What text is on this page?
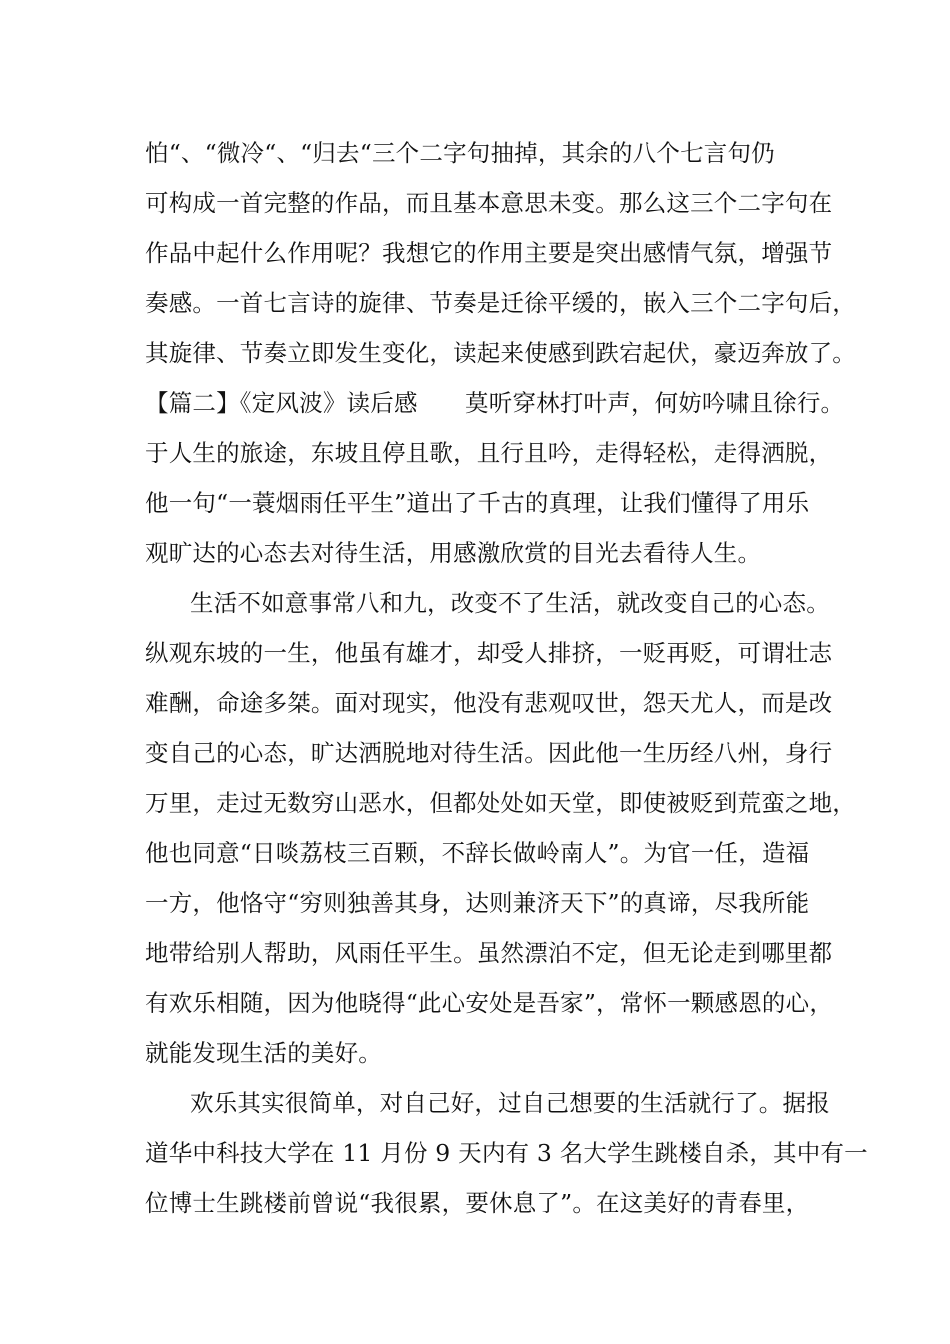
怕“、“微冷“、“归去“三个二字句抽掉，其余的八个七言句仍
可构成一首完整的作品，而且基本意思未变。那么这三个二字句在
作品中起什么作用呢？我想它的作用主要是突出感情气氛，增强节
奏感。一首七言诗的旋律、节奏是迁徐平缓的，嵌入三个二字句后，
其旋律、节奏立即发生变化，读起来使感到跌宕起伏，豪迈奔放了。
【篇二】《定风波》读后感　　莫听穿林打叶声，何妨吟啸且徐行。
于人生的旅途，东坡且停且歌，且行且吟，走得轻松，走得洒脱，
他一句“一蓑烟雨任平生”道出了千古的真理，让我们懂得了用乐
观旷达的心态去对待生活，用感激欣赏的目光去看待人生。
生活不如意事常八和九，改变不了生活，就改变自己的心态。
纵观东坡的一生，他虽有雄才，却受人排挤，一贬再贬，可谓壮志
难酬，命途多桀。面对现实，他没有悲观叹世，怨天尤人，而是改
变自己的心态，旷达洒脱地对待生活。因此他一生历经八州，身行
万里，走过无数穷山恶水，但都处处如天堂，即使被贬到荒蛮之地，
他也同意“日啖荔枝三百颗，不辞长做岭南人”。为官一任，造福
一方，他恪守“穷则独善其身，达则兼济天下”的真谛，尽我所能
地带给别人帮助，风雨任平生。虽然漂泊不定，但无论走到哪里都
有欢乐相随，因为他晓得“此心安处是吾家”，常怀一颗感恩的心，
就能发现生活的美好。
欢乐其实很简单，对自己好，过自己想要的生活就行了。据报
道华中科技大学在 11 月份 9 天内有 3 名大学生跳楼自杀，其中有一
位博士生跳楼前曾说“我很累，要休息了”。在这美好的青春里，
